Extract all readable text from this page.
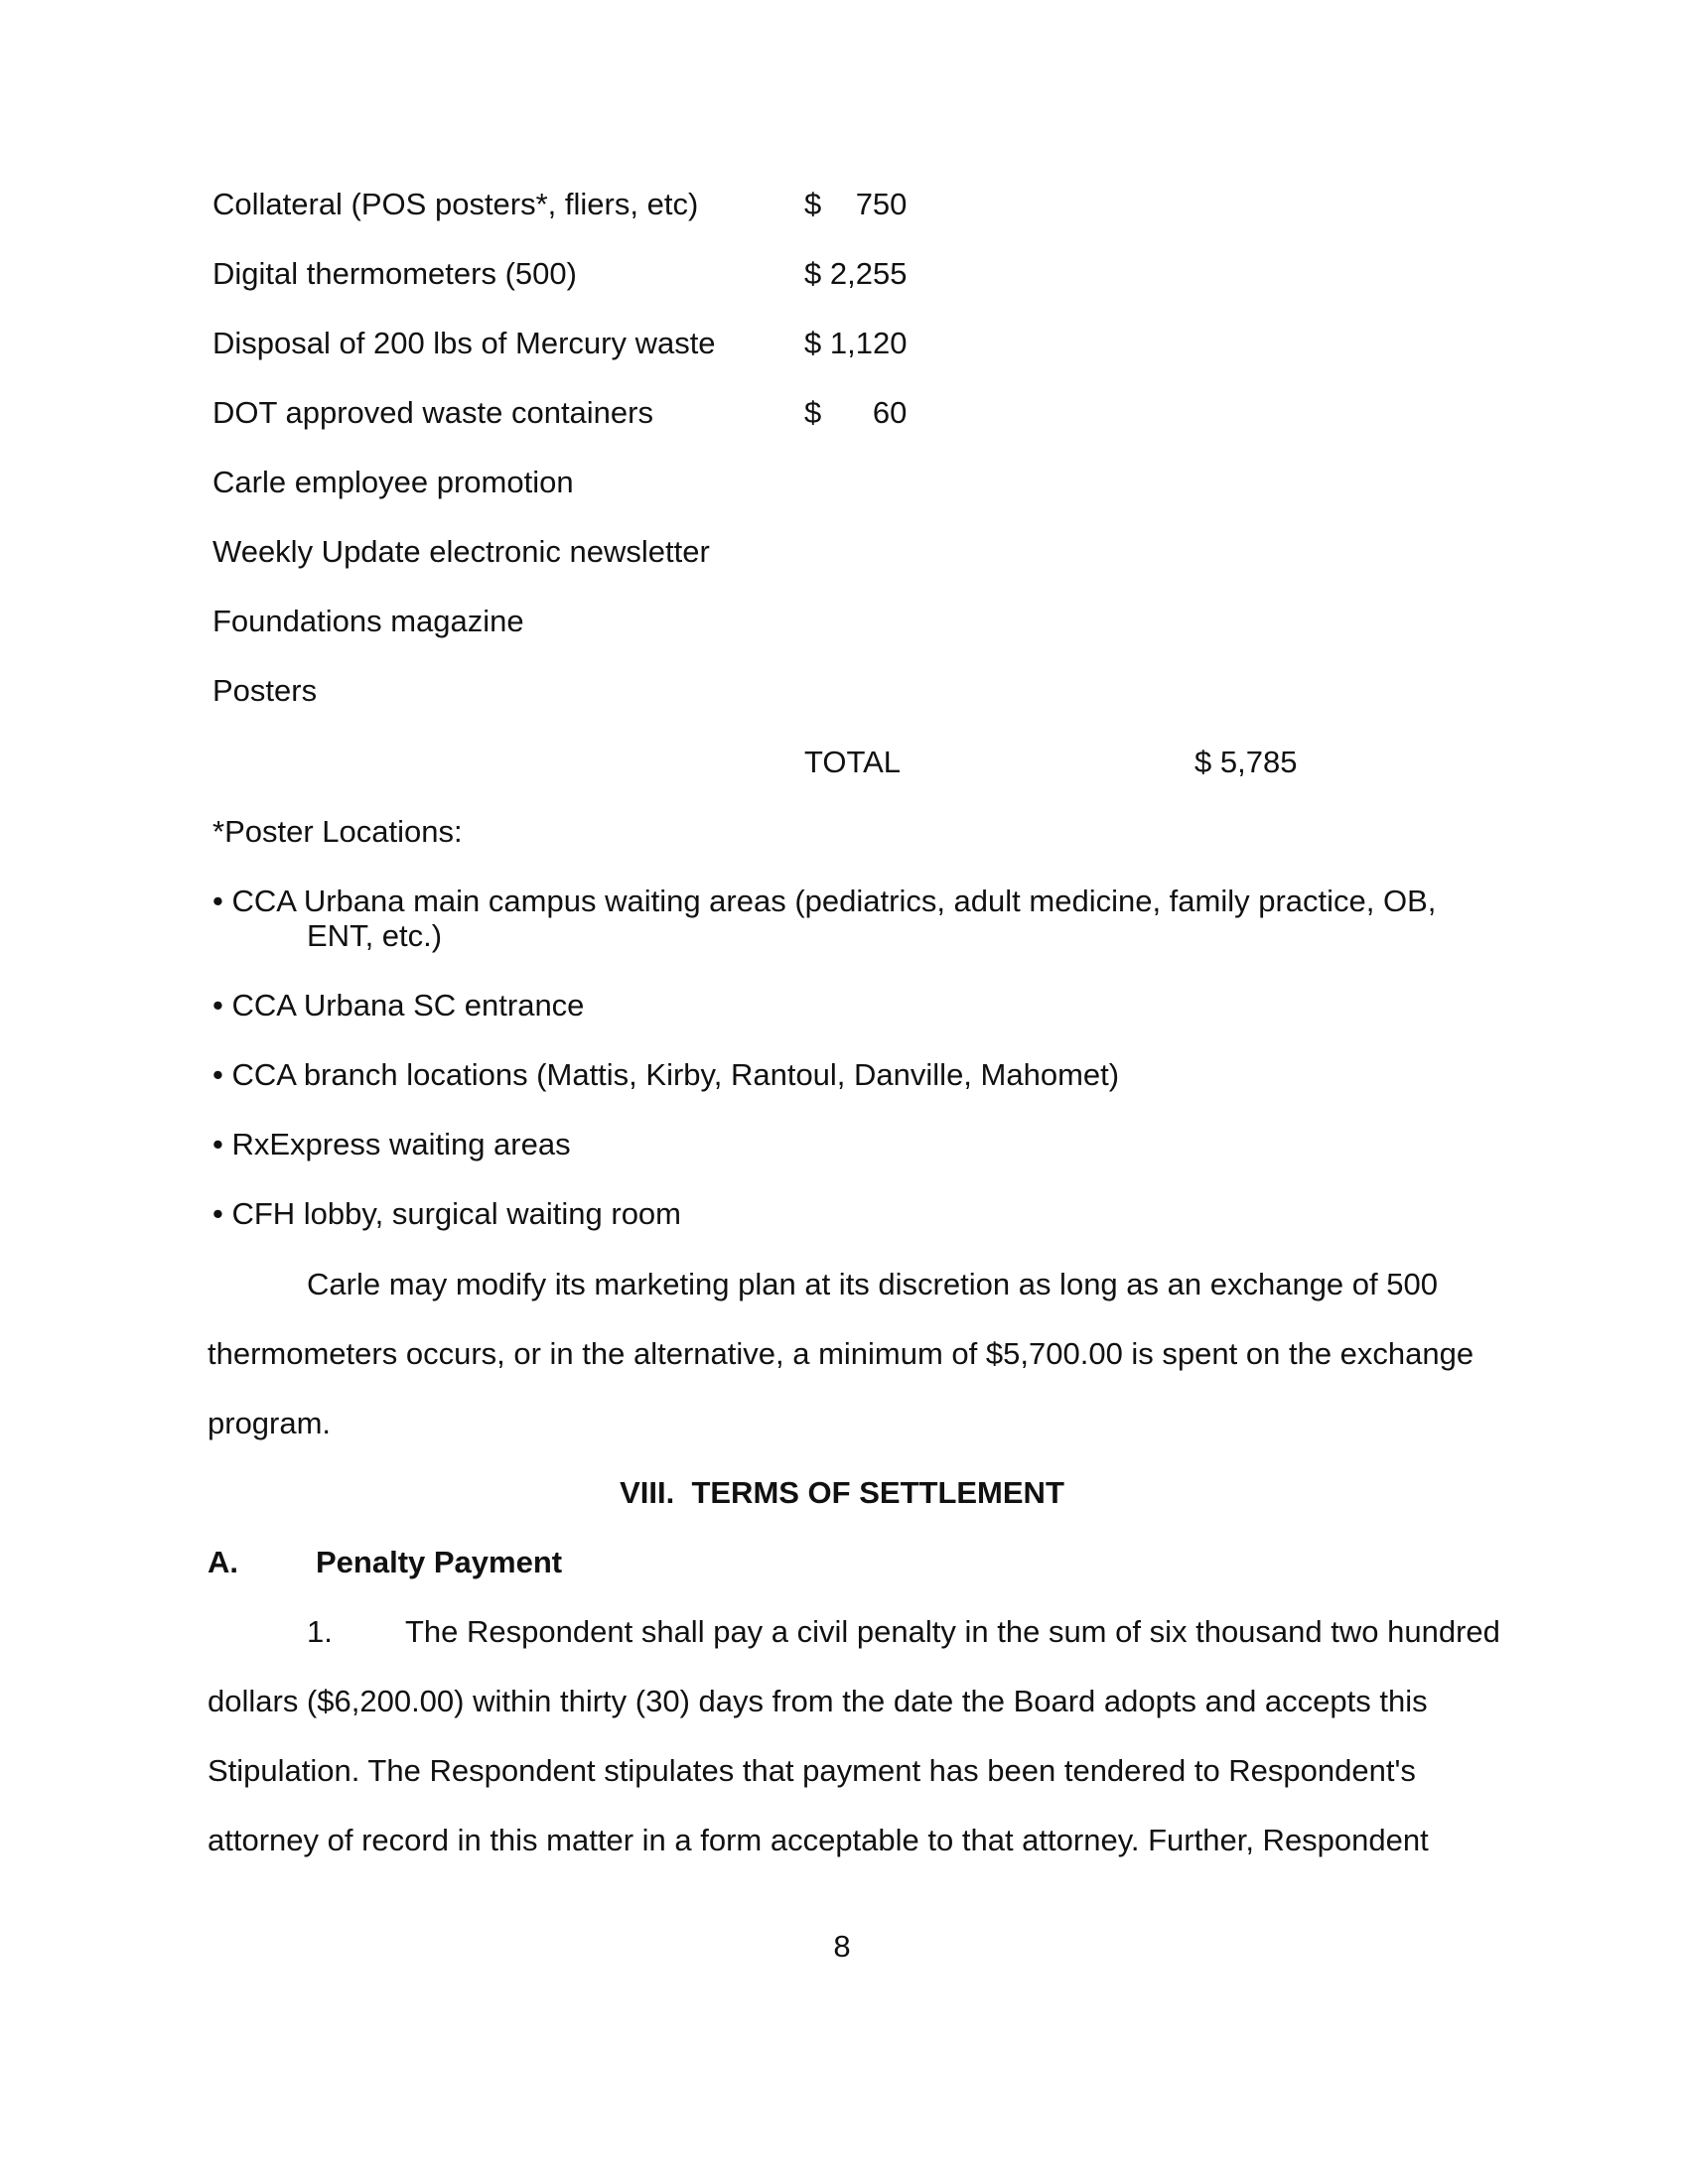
Collateral (POS posters*, fliers, etc)	$    750
Digital thermometers (500)	$ 2,255
Disposal of 200 lbs of Mercury waste	$ 1,120
DOT approved waste containers	$      60
Carle employee promotion
Weekly Update electronic newsletter
Foundations magazine
Posters
TOTAL	$ 5,785
*Poster Locations:
• CCA Urbana main campus waiting areas (pediatrics, adult medicine, family practice, OB,
ENT, etc.)
• CCA Urbana SC entrance
• CCA branch locations (Mattis, Kirby, Rantoul, Danville, Mahomet)
• RxExpress waiting areas
• CFH lobby, surgical waiting room
Carle may modify its marketing plan at its discretion as long as an exchange of 500
thermometers occurs, or in the alternative, a minimum of $5,700.00 is spent on the exchange
program.
VIII.  TERMS OF SETTLEMENT
A.	Penalty Payment
1. The Respondent shall pay a civil penalty in the sum of six thousand two hundred
dollars ($6,200.00) within thirty (30) days from the date the Board adopts and accepts this
Stipulation. The Respondent stipulates that payment has been tendered to Respondent's
attorney of record in this matter in a form acceptable to that attorney. Further, Respondent
8
